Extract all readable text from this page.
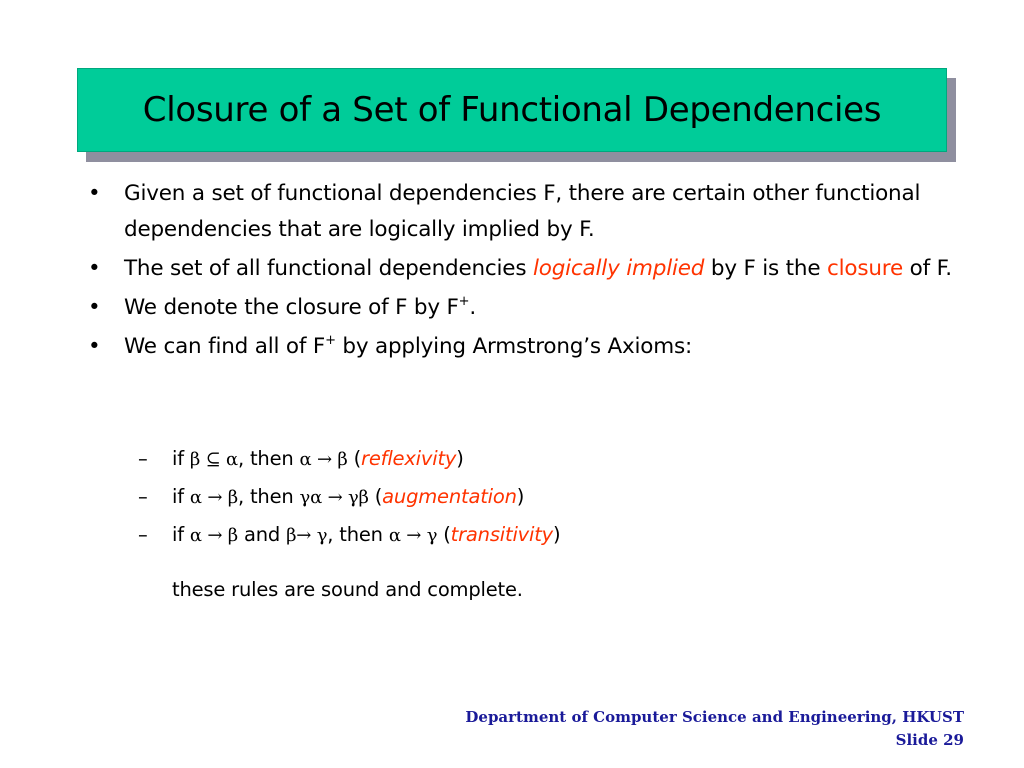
Closure of a Set of Functional Dependencies
• Given a set of functional dependencies F, there are certain other functional dependencies that are logically implied by F.
• The set of all functional dependencies logically implied by F is the closure of F.
• We denote the closure of F by F+.
• We can find all of F+ by applying Armstrong’s Axioms:
– if β ⊆ α, then α → β (reflexivity)
– if α → β, then γα → γβ (augmentation)
– if α → β and β→ γ, then α → γ (transitivity)
these rules are sound and complete.
Department of Computer Science and Engineering, HKUST
Slide 29
